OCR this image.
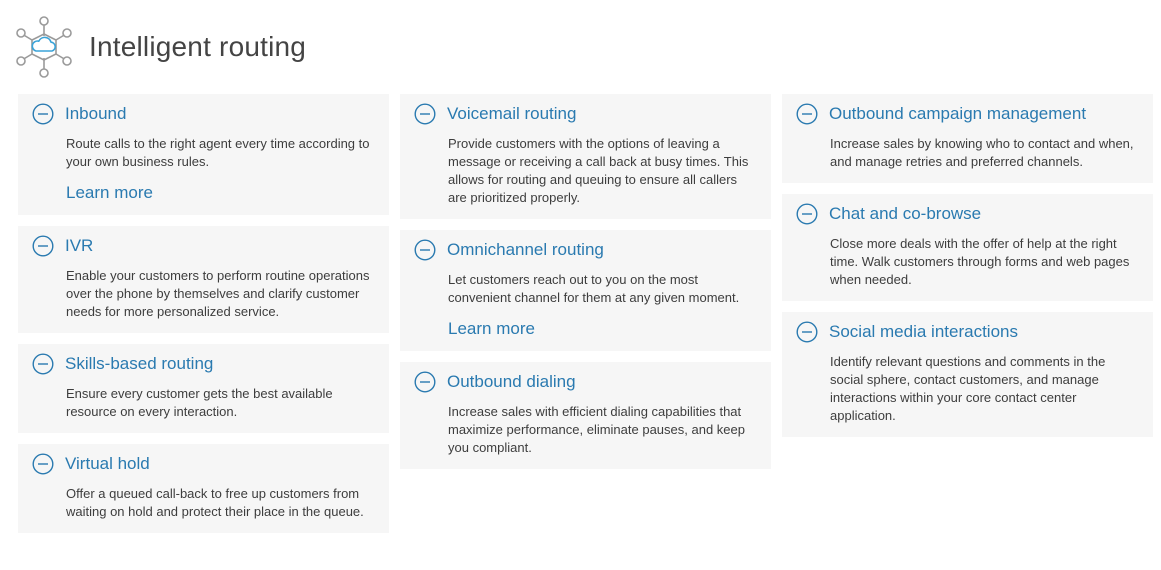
Intelligent routing
Inbound
Route calls to the right agent every time according to your own business rules.
Learn more
IVR
Enable your customers to perform routine operations over the phone by themselves and clarify customer needs for more personalized service.
Skills-based routing
Ensure every customer gets the best available resource on every interaction.
Virtual hold
Offer a queued call-back to free up customers from waiting on hold and protect their place in the queue.
Voicemail routing
Provide customers with the options of leaving a message or receiving a call back at busy times. This allows for routing and queuing to ensure all callers are prioritized properly.
Omnichannel routing
Let customers reach out to you on the most convenient channel for them at any given moment.
Learn more
Outbound dialing
Increase sales with efficient dialing capabilities that maximize performance, eliminate pauses, and keep you compliant.
Outbound campaign management
Increase sales by knowing who to contact and when, and manage retries and preferred channels.
Chat and co-browse
Close more deals with the offer of help at the right time. Walk customers through forms and web pages when needed.
Social media interactions
Identify relevant questions and comments in the social sphere, contact customers, and manage interactions within your core contact center application.
